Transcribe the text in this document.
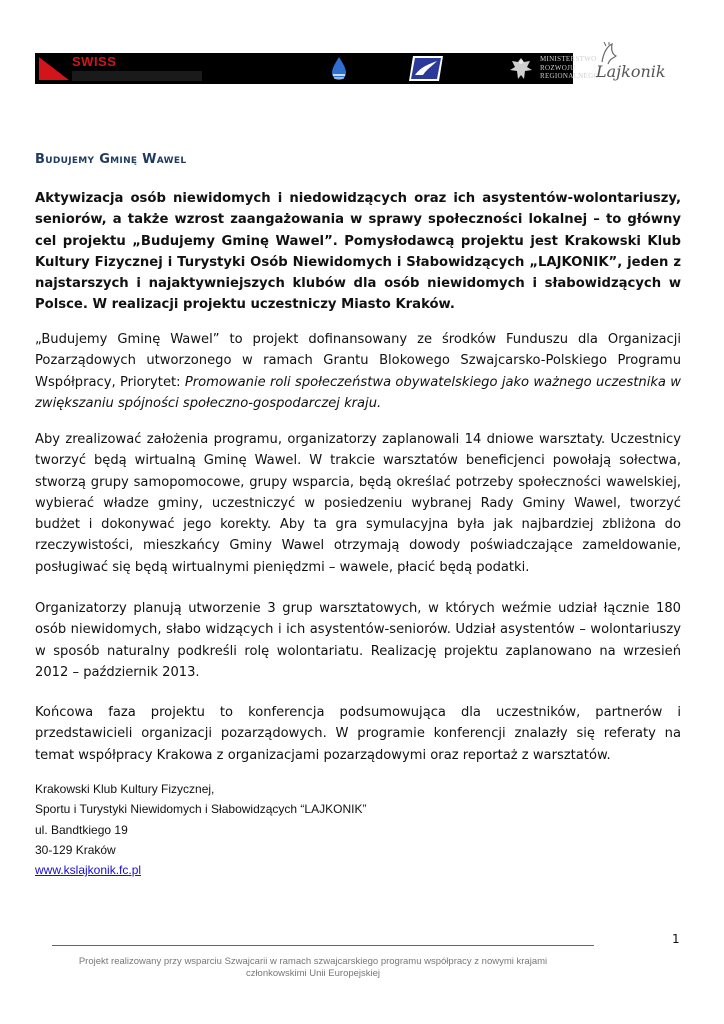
SWISS	MINISTERSTWO
ROZWOJU
REGIONALNEGO
Lajkonik
Budujemy Gminę Wawel

Aktywizacja osób niewidomych i niedowidzących oraz ich asystentów-wolontariuszy, seniorów, a także wzrost zaangażowania w sprawy społeczności lokalnej – to główny cel projektu „Budujemy Gminę Wawel”. Pomysłodawcą projektu jest Krakowski Klub Kultury Fizycznej i Turystyki Osób Niewidomych i Słabowidzących „LAJKONIK”, jeden z najstarszych i najaktywniejszych klubów dla osób niewidomych i słabowidzących w Polsce. W realizacji projektu uczestniczy Miasto Kraków.

„Budujemy Gminę Wawel” to projekt dofinansowany ze środków Funduszu dla Organizacji Pozarządowych utworzonego w ramach Grantu Blokowego Szwajcarsko-Polskiego Programu Współpracy, Priorytet: Promowanie roli społeczeństwa obywatelskiego jako ważnego uczestnika w zwiększaniu spójności społeczno-gospodarczej kraju.

Aby zrealizować założenia programu, organizatorzy zaplanowali 14 dniowe warsztaty. Uczestnicy tworzyć będą wirtualną Gminę Wawel. W trakcie warsztatów beneficjenci powołają sołectwa, stworzą grupy samopomocowe, grupy wsparcia, będą określać potrzeby społeczności wawelskiej, wybierać władze gminy, uczestniczyć w posiedzeniu wybranej Rady Gminy Wawel, tworzyć budżet i dokonywać jego korekty. Aby ta gra symulacyjna była jak najbardziej zbliżona do rzeczywistości, mieszkańcy Gminy Wawel otrzymają dowody poświadczające zameldowanie, posługiwać się będą wirtualnymi pieniędzmi – wawele, płacić będą podatki.

Organizatorzy planują utworzenie 3 grup warsztatowych, w których weźmie udział łącznie 180 osób niewidomych, słabo widzących i ich asystentów-seniorów. Udział asystentów – wolontariuszy w sposób naturalny podkreśli rolę wolontariatu. Realizację projektu zaplanowano na wrzesień 2012 – październik 2013.

Końcowa faza projektu to konferencja podsumowująca dla uczestników, partnerów i przedstawicieli organizacji pozarządowych. W programie konferencji znalazły się referaty na temat współpracy Krakowa z organizacjami pozarządowymi oraz reportaż z warsztatów.

Krakowski Klub Kultury Fizycznej,
Sportu i Turystyki Niewidomych i Słabowidzących “LAJKONIK”
ul. Bandtkiego 19
30-129 Kraków
www.kslajkonik.fc.pl
1
Projekt realizowany przy wsparciu Szwajcarii w ramach szwajcarskiego programu współpracy z nowymi krajami członkowskimi Unii Europejskiej
